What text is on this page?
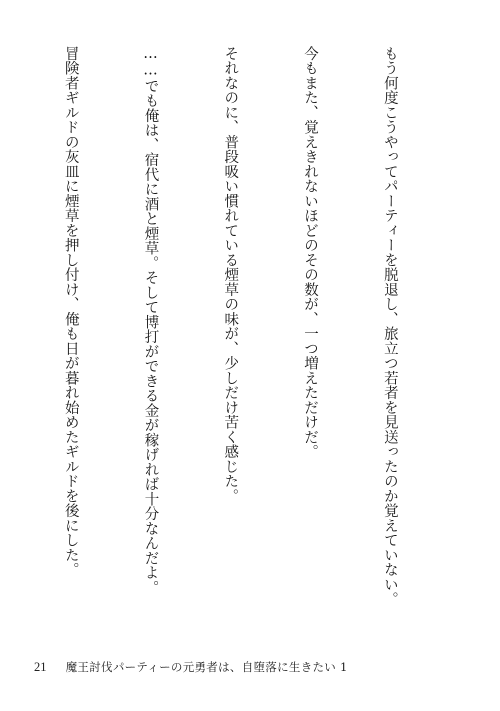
もう何度こうやってパーティーを脱退し、旅立つ若者を見送ったのか覚えていない。

今もまた、覚えきれないほどのその数が、一つ増えただけだ。

それなのに、普段吸い慣れている煙草の味が、少しだけ苦く感じた。

……でも俺は、宿代に酒と煙草。そして博打ができる金が稼げれば十分なんだよ。

冒険者ギルドの灰皿に煙草を押し付け、俺も日が暮れ始めたギルドを後にした。

21 魔王討伐パーティーの元勇者は、自堕落に生きたい 1
